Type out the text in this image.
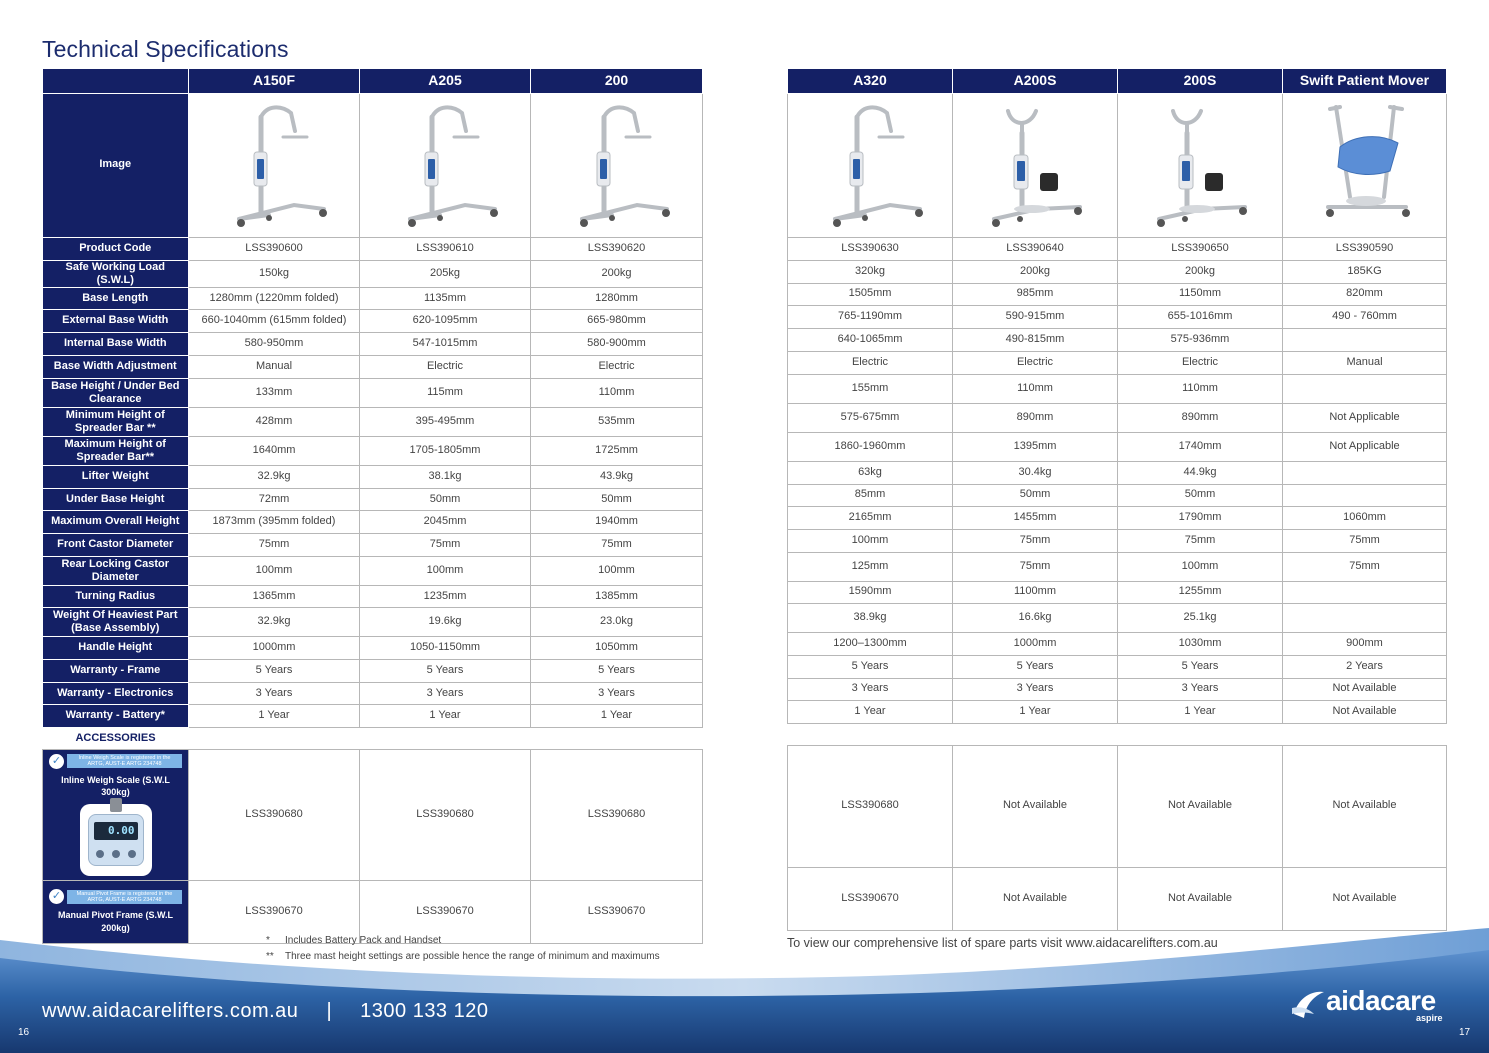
Technical Specifications
	A150F	A205	200
Image	

Product Code	LSS390600	LSS390610	LSS390620
Safe Working Load (S.W.L)	150kg	205kg	200kg
Base Length	1280mm (1220mm folded)	1135mm	1280mm
External Base Width	660-1040mm (615mm folded)	620-1095mm	665-980mm
Internal Base Width	580-950mm	547-1015mm	580-900mm
Base Width Adjustment	Manual	Electric	Electric
Base Height / Under Bed Clearance	133mm	115mm	110mm
Minimum Height of Spreader Bar **	428mm	395-495mm	535mm
Maximum Height of Spreader Bar**	1640mm	1705-1805mm	1725mm
Lifter Weight	32.9kg	38.1kg	43.9kg
Under Base Height	72mm	50mm	50mm
Maximum Overall Height	1873mm (395mm folded)	2045mm	1940mm
Front Castor Diameter	75mm	75mm	75mm
Rear Locking Castor Diameter	100mm	100mm	100mm
Turning Radius	1365mm	1235mm	1385mm
Weight Of Heaviest Part (Base Assembly)	32.9kg	19.6kg	23.0kg
Handle Height	1000mm	1050-1150mm	1050mm
Warranty - Frame	5 Years	5 Years	5 Years
Warranty - Electronics	3 Years	3 Years	3 Years
Warranty - Battery*	1 Year	1 Year	1 Year
ACCESSORIES			

✓ Inline Weigh Scale is registered in the ARTG, AUST-E ARTG 234748
Inline Weigh Scale (S.W.L 300kg)
0.00	LSS390680	LSS390680	LSS390680

✓ Manual Pivot Frame is registered in the ARTG, AUST-E ARTG 234748
Manual Pivot Frame (S.W.L 200kg)	LSS390670	LSS390670	LSS390670
A320	A200S	200S	Swift Patient Mover

LSS390630	LSS390640	LSS390650	LSS390590
320kg	200kg	200kg	185KG
1505mm	985mm	1150mm	820mm
765-1190mm	590-915mm	655-1016mm	490 - 760mm
640-1065mm	490-815mm	575-936mm	
Electric	Electric	Electric	Manual
155mm	110mm	110mm	
575-675mm	890mm	890mm	Not Applicable
1860-1960mm	1395mm	1740mm	Not Applicable
63kg	30.4kg	44.9kg	
85mm	50mm	50mm	
2165mm	1455mm	1790mm	1060mm
100mm	75mm	75mm	75mm
125mm	75mm	100mm	75mm
1590mm	1100mm	1255mm	
38.9kg	16.6kg	25.1kg	
1200–1300mm	1000mm	1030mm	900mm
5 Years	5 Years	5 Years	2 Years
3 Years	3 Years	3 Years	Not Available
1 Year	1 Year	1 Year	Not Available

LSS390680	Not Available	Not Available	Not Available
LSS390670	Not Available	Not Available	Not Available
*	Includes Battery Pack and Handset
**	Three mast height settings are possible hence the range of minimum and maximums
To view our comprehensive list of spare parts visit www.aidacarelifters.com.au
www.aidacarelifters.com.au | 1300 133 120
16	17
aidacare
aspire
